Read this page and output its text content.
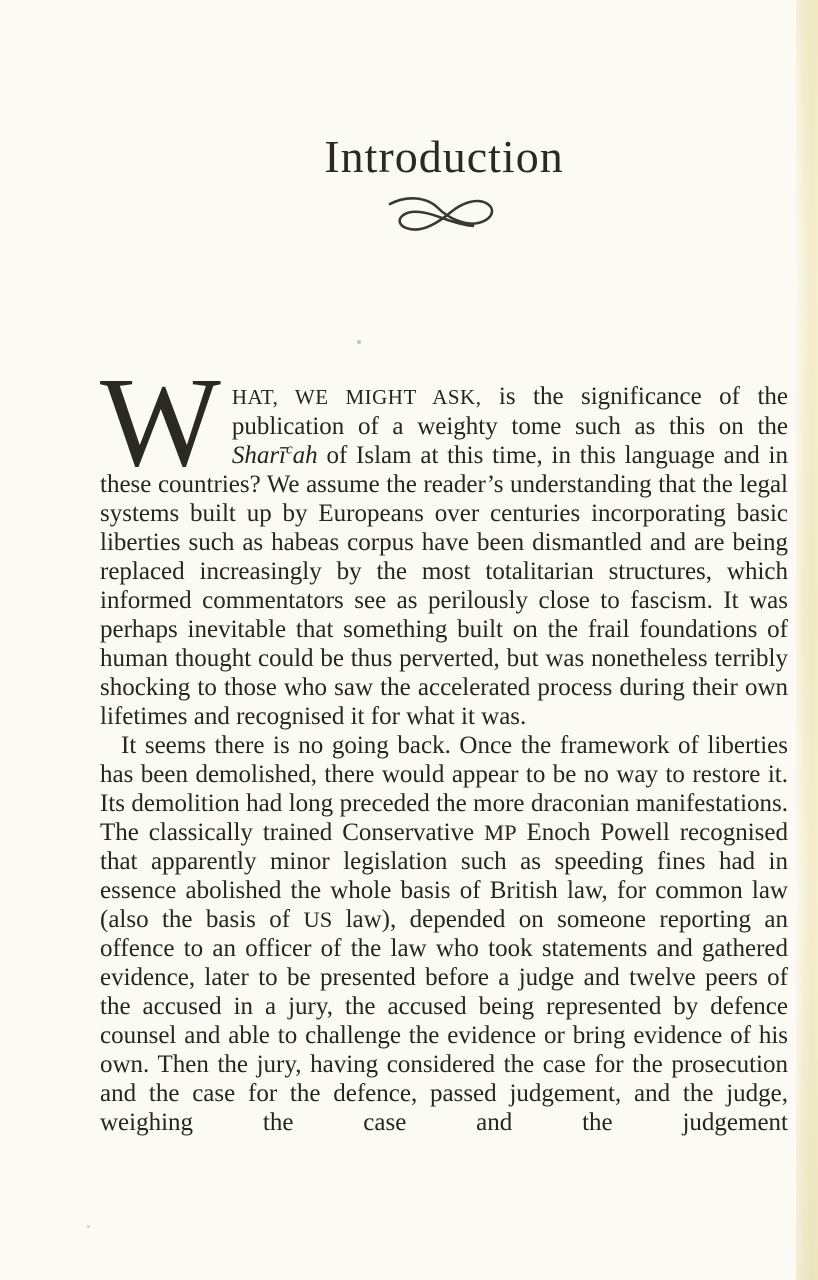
Introduction

WHAT, WE MIGHT ASK, is the significance of the publication of a weighty tome such as this on the Sharī$^c$ah of Islam at this time, in this language and in these countries? We assume the reader’s understanding that the legal systems built up by Europeans over centuries incorporating basic liberties such as habeas corpus have been dismantled and are being replaced increasingly by the most totalitarian structures, which informed commentators see as perilously close to fascism. It was perhaps inevitable that something built on the frail foundations of human thought could be thus perverted, but was nonetheless terribly shocking to those who saw the accelerated process during their own lifetimes and recognised it for what it was.

It seems there is no going back. Once the framework of liberties has been demolished, there would appear to be no way to restore it. Its demolition had long preceded the more draconian manifestations. The classically trained Conservative MP Enoch Powell recognised that apparently minor legislation such as speeding fines had in essence abolished the whole basis of British law, for common law (also the basis of US law), depended on someone reporting an offence to an officer of the law who took statements and gathered evidence, later to be presented before a judge and twelve peers of the accused in a jury, the accused being represented by defence counsel and able to challenge the evidence or bring evidence of his own. Then the jury, having considered the case for the prosecution and the case for the defence, passed judgement, and the judge, weighing the case and the judgement
